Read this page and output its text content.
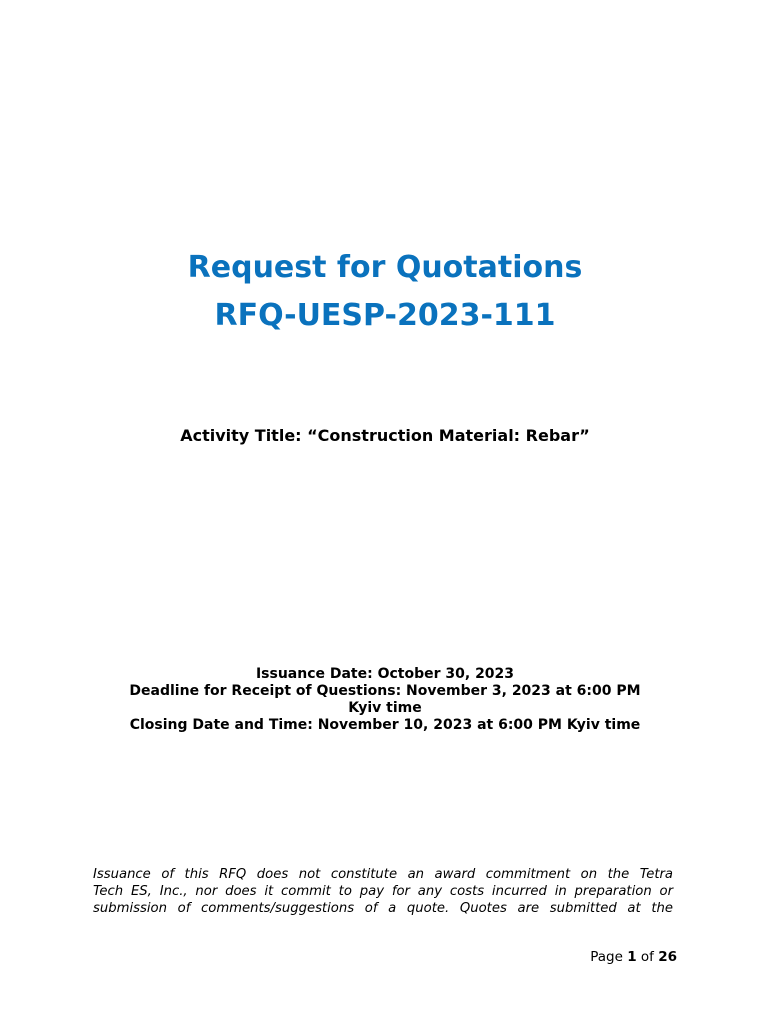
Request for Quotations
RFQ-UESP-2023-111
Activity Title: “Construction Material: Rebar”
Issuance Date: October 30, 2023
Deadline for Receipt of Questions: November 3, 2023 at 6:00 PM
Kyiv time
Closing Date and Time: November 10, 2023 at 6:00 PM Kyiv time
Issuance of this RFQ does not constitute an award commitment on the Tetra
Tech ES, Inc., nor does it commit to pay for any costs incurred in preparation or
submission of comments/suggestions of a quote. Quotes are submitted at the
Page 1 of 26
